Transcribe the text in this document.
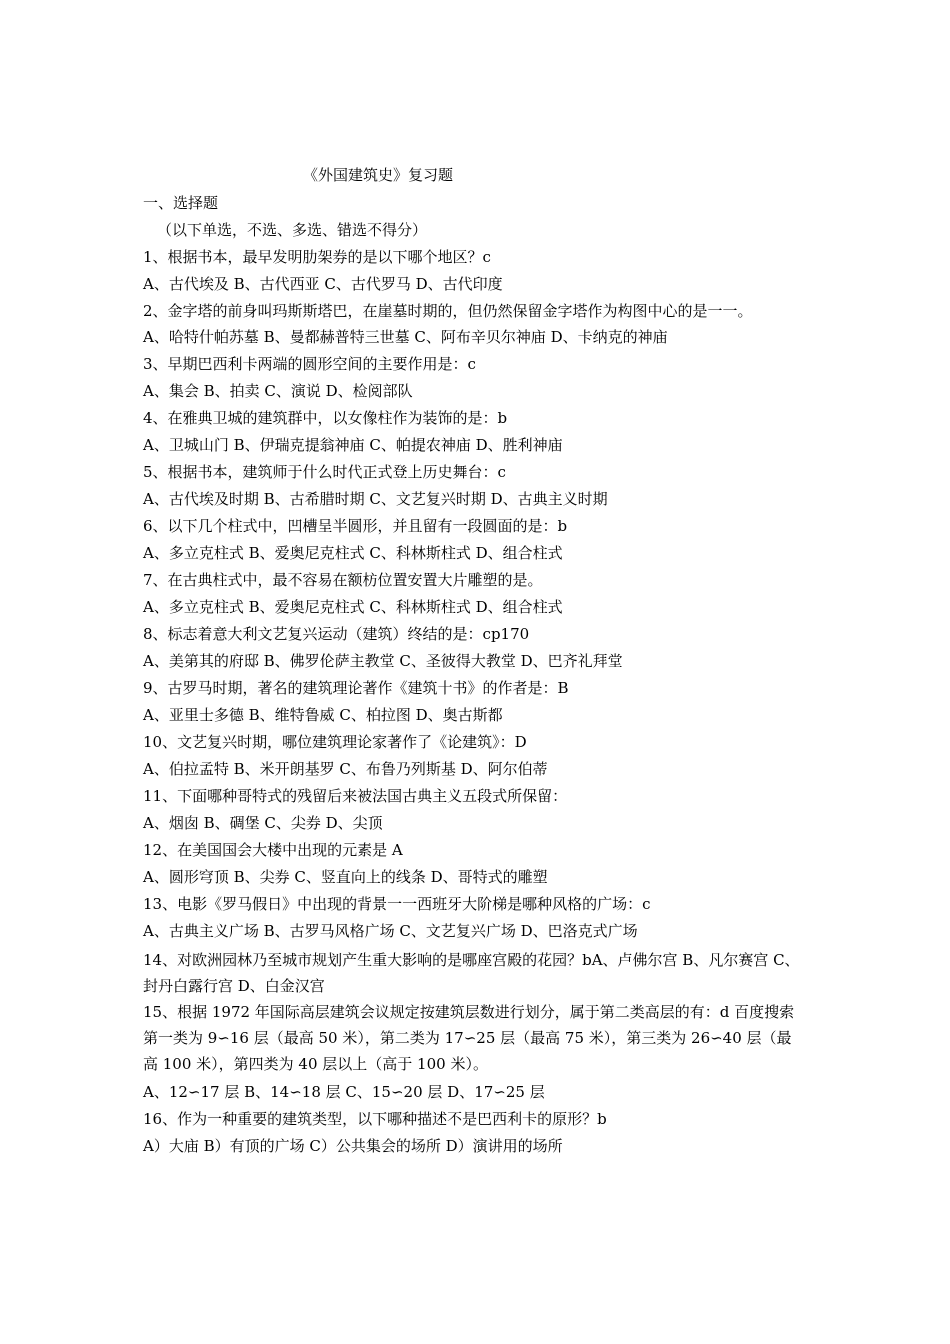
《外国建筑史》复习题
一、选择题
（以下单选，不选、多选、错选不得分）
1、根据书本，最早发明肋架券的是以下哪个地区？c
A、古代埃及 B、古代西亚 C、古代罗马 D、古代印度
2、金字塔的前身叫玛斯斯塔巴，在崖墓时期的，但仍然保留金字塔作为构图中心的是一一。
A、哈特什帕苏墓 B、曼都赫普特三世墓 C、阿布辛贝尔神庙 D、卡纳克的神庙
3、早期巴西利卡两端的圆形空间的主要作用是：c
A、集会 B、拍卖 C、演说 D、检阅部队
4、在雅典卫城的建筑群中，以女像柱作为装饰的是：b
A、卫城山门 B、伊瑞克提翁神庙 C、帕提农神庙 D、胜利神庙
5、根据书本，建筑师于什么时代正式登上历史舞台：c
A、古代埃及时期 B、古希腊时期 C、文艺复兴时期 D、古典主义时期
6、以下几个柱式中，凹槽呈半圆形，并且留有一段圆面的是：b
A、多立克柱式 B、爱奥尼克柱式 C、科林斯柱式 D、组合柱式
7、在古典柱式中，最不容易在额枋位置安置大片雕塑的是。
A、多立克柱式 B、爱奥尼克柱式 C、科林斯柱式 D、组合柱式
8、标志着意大利文艺复兴运动（建筑）终结的是：cp170
A、美第其的府邸 B、佛罗伦萨主教堂 C、圣彼得大教堂 D、巴齐礼拜堂
9、古罗马时期，著名的建筑理论著作《建筑十书》的作者是：B
A、亚里士多德 B、维特鲁威 C、柏拉图 D、奥古斯都
10、文艺复兴时期，哪位建筑理论家著作了《论建筑》：D
A、伯拉孟特 B、米开朗基罗 C、布鲁乃列斯基 D、阿尔伯蒂
11、下面哪种哥特式的残留后来被法国古典主义五段式所保留：
A、烟囱 B、碉堡 C、尖券 D、尖顶
12、在美国国会大楼中出现的元素是 A
A、圆形穹顶 B、尖券 C、竖直向上的线条 D、哥特式的雕塑
13、电影《罗马假日》中出现的背景一一西班牙大阶梯是哪种风格的广场：c
A、古典主义广场 B、古罗马风格广场 C、文艺复兴广场 D、巴洛克式广场
14、对欧洲园林乃至城市规划产生重大影响的是哪座宫殿的花园？bA、卢佛尔宫 B、凡尔赛宫 C、封丹白露行宫 D、白金汉宫
15、根据 1972 年国际高层建筑会议规定按建筑层数进行划分，属于第二类高层的有：d 百度搜索第一类为 9∽16 层（最高 50 米），第二类为 17∽25 层（最高 75 米），第三类为 26∽40 层（最高 100 米），第四类为 40 层以上（高于 100 米）。
A、12∽17 层 B、14∽18 层 C、15∽20 层 D、17∽25 层
16、作为一种重要的建筑类型，以下哪种描述不是巴西利卡的原形？b
A）大庙 B）有顶的广场 C）公共集会的场所 D）演讲用的场所
